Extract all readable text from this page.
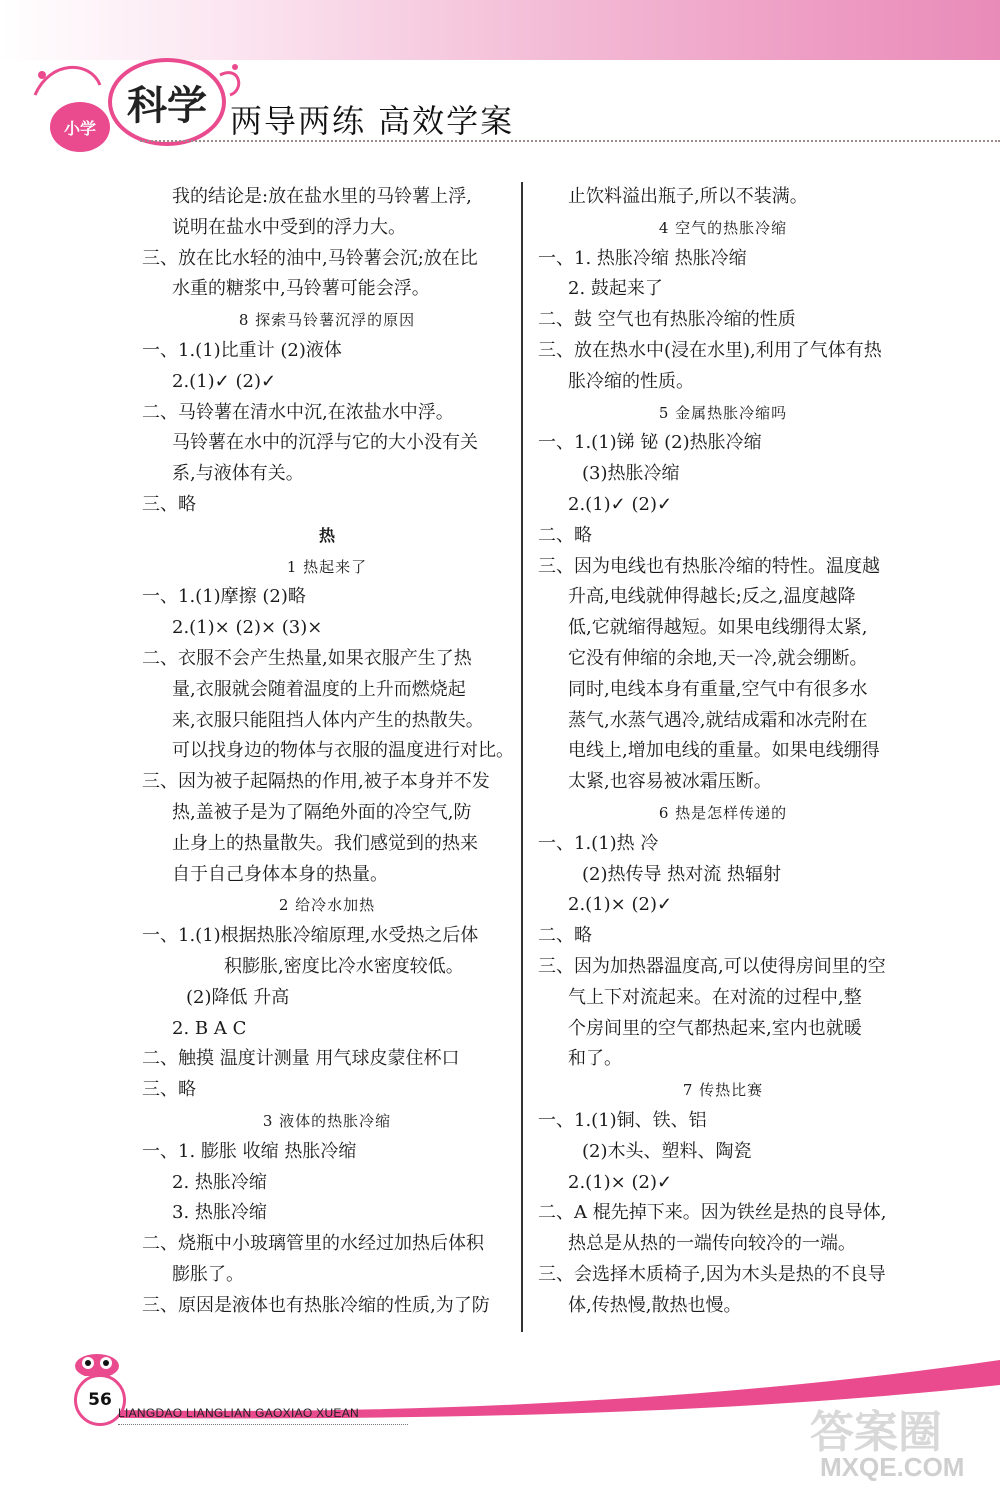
小学 科学 两导两练 高效学案
我的结论是:放在盐水里的马铃薯上浮,
说明在盐水中受到的浮力大。
三、放在比水轻的油中,马铃薯会沉;放在比
水重的糖浆中,马铃薯可能会浮。
8 探索马铃薯沉浮的原因
一、1.(1)比重计 (2)液体
2.(1)✓ (2)✓
二、马铃薯在清水中沉,在浓盐水中浮。
马铃薯在水中的沉浮与它的大小没有关
系,与液体有关。
三、略
热
1 热起来了
一、1.(1)摩擦 (2)略
2.(1)× (2)× (3)×
二、衣服不会产生热量,如果衣服产生了热
量,衣服就会随着温度的上升而燃烧起
来,衣服只能阻挡人体内产生的热散失。
可以找身边的物体与衣服的温度进行对比。
三、因为被子起隔热的作用,被子本身并不发
热,盖被子是为了隔绝外面的冷空气,防
止身上的热量散失。我们感觉到的热来
自于自己身体本身的热量。
2 给冷水加热
一、1.(1)根据热胀冷缩原理,水受热之后体
积膨胀,密度比冷水密度较低。
(2)降低 升高
2. B A C
二、触摸 温度计测量 用气球皮蒙住杯口
三、略
3 液体的热胀冷缩
一、1. 膨胀 收缩 热胀冷缩
2. 热胀冷缩
3. 热胀冷缩
二、烧瓶中小玻璃管里的水经过加热后体积
膨胀了。
三、原因是液体也有热胀冷缩的性质,为了防
止饮料溢出瓶子,所以不装满。
4 空气的热胀冷缩
一、1. 热胀冷缩 热胀冷缩
2. 鼓起来了
二、鼓 空气也有热胀冷缩的性质
三、放在热水中(浸在水里),利用了气体有热
胀冷缩的性质。
5 金属热胀冷缩吗
一、1.(1)锑 铋 (2)热胀冷缩
(3)热胀冷缩
2.(1)✓ (2)✓
二、略
三、因为电线也有热胀冷缩的特性。温度越
升高,电线就伸得越长;反之,温度越降
低,它就缩得越短。如果电线绷得太紧,
它没有伸缩的余地,天一冷,就会绷断。
同时,电线本身有重量,空气中有很多水
蒸气,水蒸气遇冷,就结成霜和冰壳附在
电线上,增加电线的重量。如果电线绷得
太紧,也容易被冰霜压断。
6 热是怎样传递的
一、1.(1)热 冷
(2)热传导 热对流 热辐射
2.(1)× (2)✓
二、略
三、因为加热器温度高,可以使得房间里的空
气上下对流起来。在对流的过程中,整
个房间里的空气都热起来,室内也就暖
和了。
7 传热比赛
一、1.(1)铜、铁、铝
(2)木头、塑料、陶瓷
2.(1)× (2)✓
二、A 棍先掉下来。因为铁丝是热的良导体,
热总是从热的一端传向较冷的一端。
三、会选择木质椅子,因为木头是热的不良导
体,传热慢,散热也慢。
56
LIANGDAO LIANGLIAN GAOXIAO XUEAN	答案圈
MXQE.COM
